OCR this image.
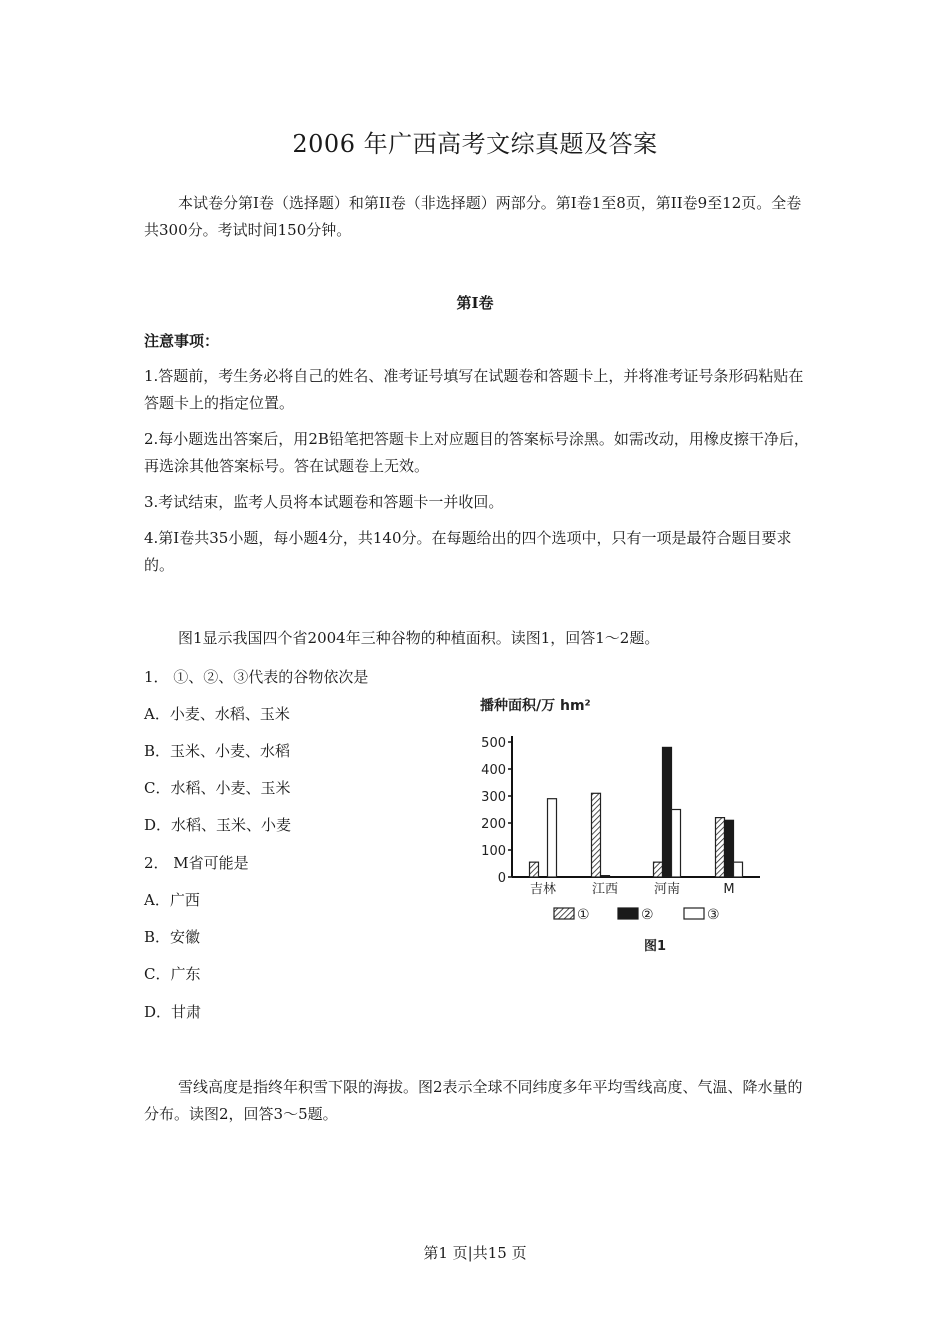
2006 年广西高考文综真题及答案

本试卷分第I卷（选择题）和第II卷（非选择题）两部分。第I卷1至8页，第II卷9至12页。全卷共300分。考试时间150分钟。

第I卷
注意事项：

1.答题前，考生务必将自己的姓名、准考证号填写在试题卷和答题卡上，并将准考证号条形码粘贴在答题卡上的指定位置。

2.每小题选出答案后，用2B铅笔把答题卡上对应题目的答案标号涂黑。如需改动，用橡皮擦干净后，再选涂其他答案标号。答在试题卷上无效。

3.考试结束，监考人员将本试题卷和答题卡一并收回。

4.第I卷共35小题，每小题4分，共140分。在每题给出的四个选项中，只有一项是最符合题目要求的。

图1显示我国四个省2004年三种谷物的种植面积。读图1，回答1～2题。

1． ①、②、③代表的谷物依次是
A．小麦、水稻、玉米
B．玉米、小麦、水稻
C．水稻、小麦、玉米
D．水稻、玉米、小麦
2． M省可能是
A．广西
B．安徽
C．广东
D．甘肃
播种面积/万 hm²
0
100
200
300
400
500
吉林	江西	河南	M
①	②	③
图1

雪线高度是指终年积雪下限的海拔。图2表示全球不同纬度多年平均雪线高度、气温、降水量的分布。读图2，回答3～5题。

第1 页|共15 页
